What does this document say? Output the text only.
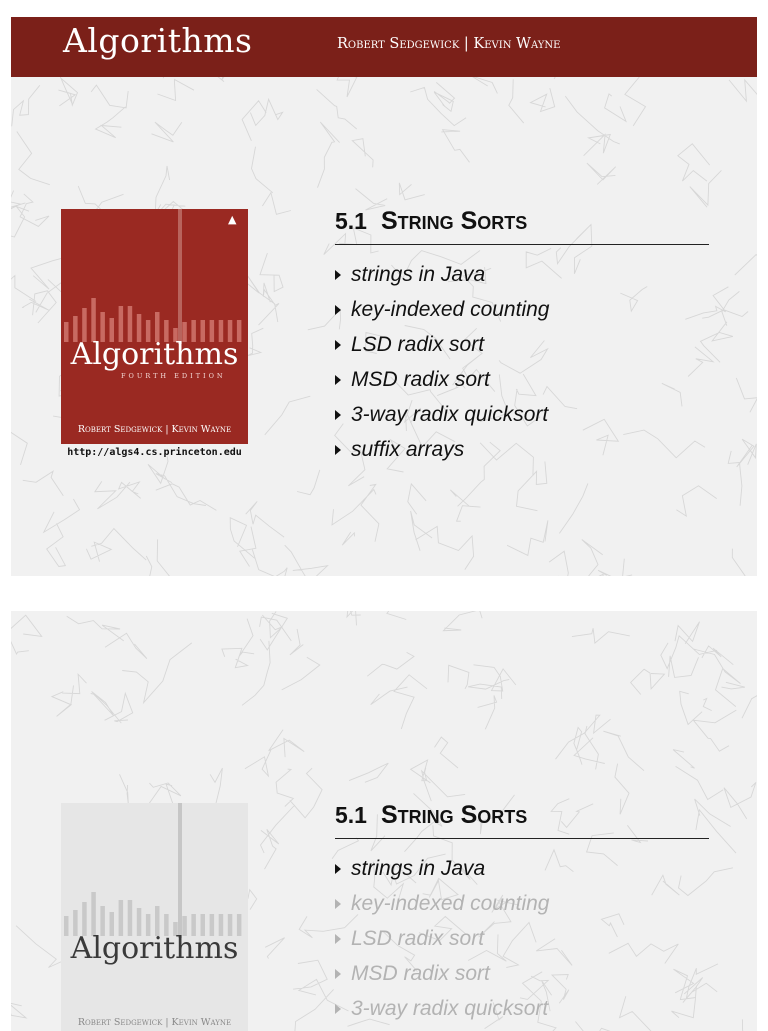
Algorithms	Robert Sedgewick | Kevin Wayne
▲
Algorithms
FOURTH EDITION
Robert Sedgewick | Kevin Wayne
http://algs4.cs.princeton.edu
5.1 String Sorts
strings in Java
key-indexed counting
LSD radix sort
MSD radix sort
3-way radix quicksort
suffix arrays
Algorithms
Robert Sedgewick | Kevin Wayne
5.1 String Sorts
strings in Java
key-indexed counting
LSD radix sort
MSD radix sort
3-way radix quicksort
